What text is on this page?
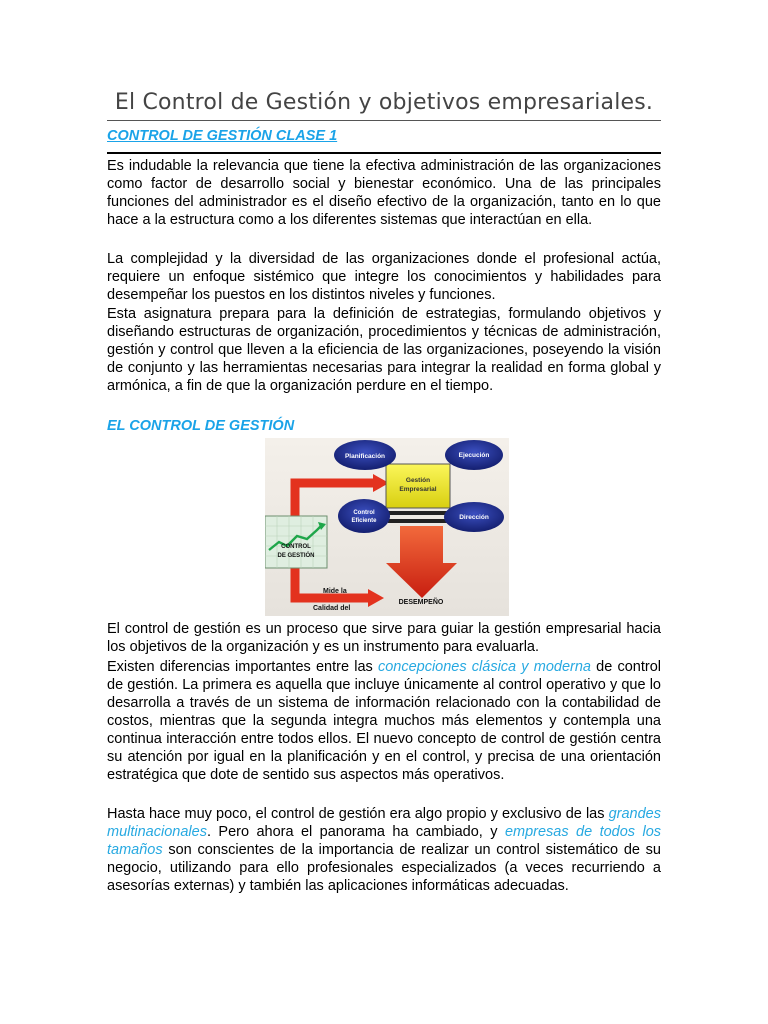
El Control de Gestión y objetivos empresariales.
CONTROL DE GESTIÓN CLASE 1
Es indudable la relevancia que tiene la efectiva administración de las organizaciones como factor de desarrollo social y bienestar económico. Una de las principales funciones del administrador es el diseño efectivo de la organización, tanto en lo que hace a la estructura como a los diferentes sistemas que interactúan en ella.
La complejidad y la diversidad de las organizaciones donde el profesional actúa, requiere un enfoque sistémico que integre los conocimientos y habilidades para desempeñar los puestos en los distintos niveles y funciones.
Esta asignatura prepara para la definición de estrategias, formulando objetivos y diseñando estructuras de organización, procedimientos y técnicas de administración, gestión y control que lleven a la eficiencia de las organizaciones, poseyendo la visión de conjunto y las herramientas necesarias para integrar la realidad en forma global y armónica, a fin de que la organización perdure en el tiempo.
EL CONTROL DE GESTIÓN
Gestión
Empresarial
Planificación	Ejecución
Control
Eficiente	Dirección
CONTROL
DE GESTIÓN
Mide la
Calidad del
DESEMPEÑO
El control de gestión es un proceso que sirve para guiar la gestión empresarial hacia los objetivos de la organización y es un instrumento para evaluarla.
Existen diferencias importantes entre las concepciones clásica y moderna de control de gestión. La primera es aquella que incluye únicamente al control operativo y que lo desarrolla a través de un sistema de información relacionado con la contabilidad de costos, mientras que la segunda integra muchos más elementos y contempla una continua interacción entre todos ellos. El nuevo concepto de control de gestión centra su atención por igual en la planificación y en el control, y precisa de una orientación estratégica que dote de sentido sus aspectos más operativos.
Hasta hace muy poco, el control de gestión era algo propio y exclusivo de las grandes multinacionales. Pero ahora el panorama ha cambiado, y empresas de todos los tamaños son conscientes de la importancia de realizar un control sistemático de su negocio, utilizando para ello profesionales especializados (a veces recurriendo a asesorías externas) y también las aplicaciones informáticas adecuadas.
